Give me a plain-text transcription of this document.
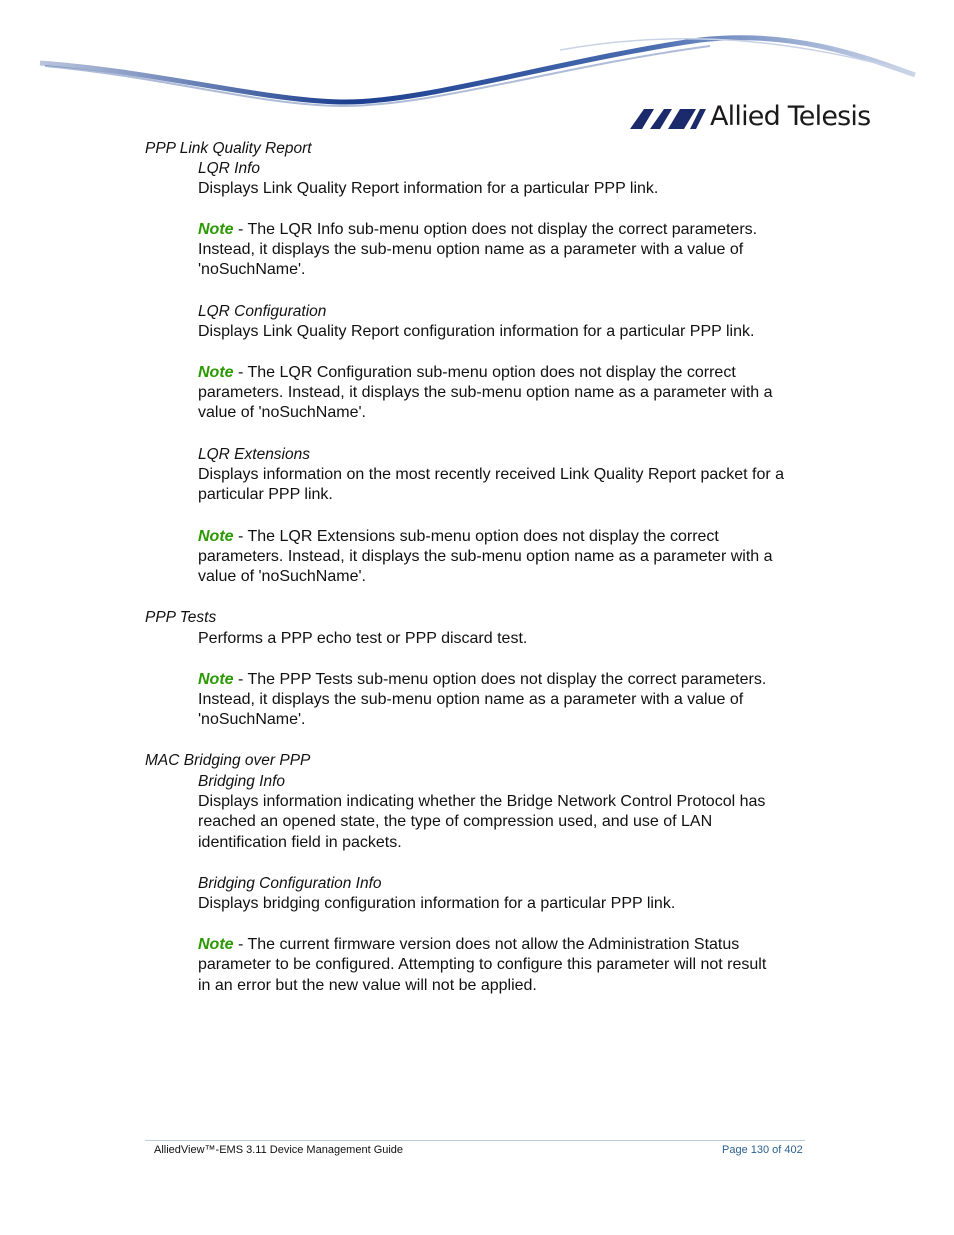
Allied Telesis
PPP Link Quality Report
LQR Info
Displays Link Quality Report information for a particular PPP link.
Note - The LQR Info sub-menu option does not display the correct parameters.
Instead, it displays the sub-menu option name as a parameter with a value of
'noSuchName'.
LQR Configuration
Displays Link Quality Report configuration information for a particular PPP link.
Note - The LQR Configuration sub-menu option does not display the correct
parameters. Instead, it displays the sub-menu option name as a parameter with a
value of 'noSuchName'.
LQR Extensions
Displays information on the most recently received Link Quality Report packet for a
particular PPP link.
Note - The LQR Extensions sub-menu option does not display the correct
parameters. Instead, it displays the sub-menu option name as a parameter with a
value of 'noSuchName'.
PPP Tests
Performs a PPP echo test or PPP discard test.
Note - The PPP Tests sub-menu option does not display the correct parameters.
Instead, it displays the sub-menu option name as a parameter with a value of
'noSuchName'.
MAC Bridging over PPP
Bridging Info
Displays information indicating whether the Bridge Network Control Protocol has
reached an opened state, the type of compression used, and use of LAN
identification field in packets.
Bridging Configuration Info
Displays bridging configuration information for a particular PPP link.
Note - The current firmware version does not allow the Administration Status
parameter to be configured. Attempting to configure this parameter will not result
in an error but the new value will not be applied.
AlliedView™-EMS 3.11 Device Management Guide	Page 130 of 402
